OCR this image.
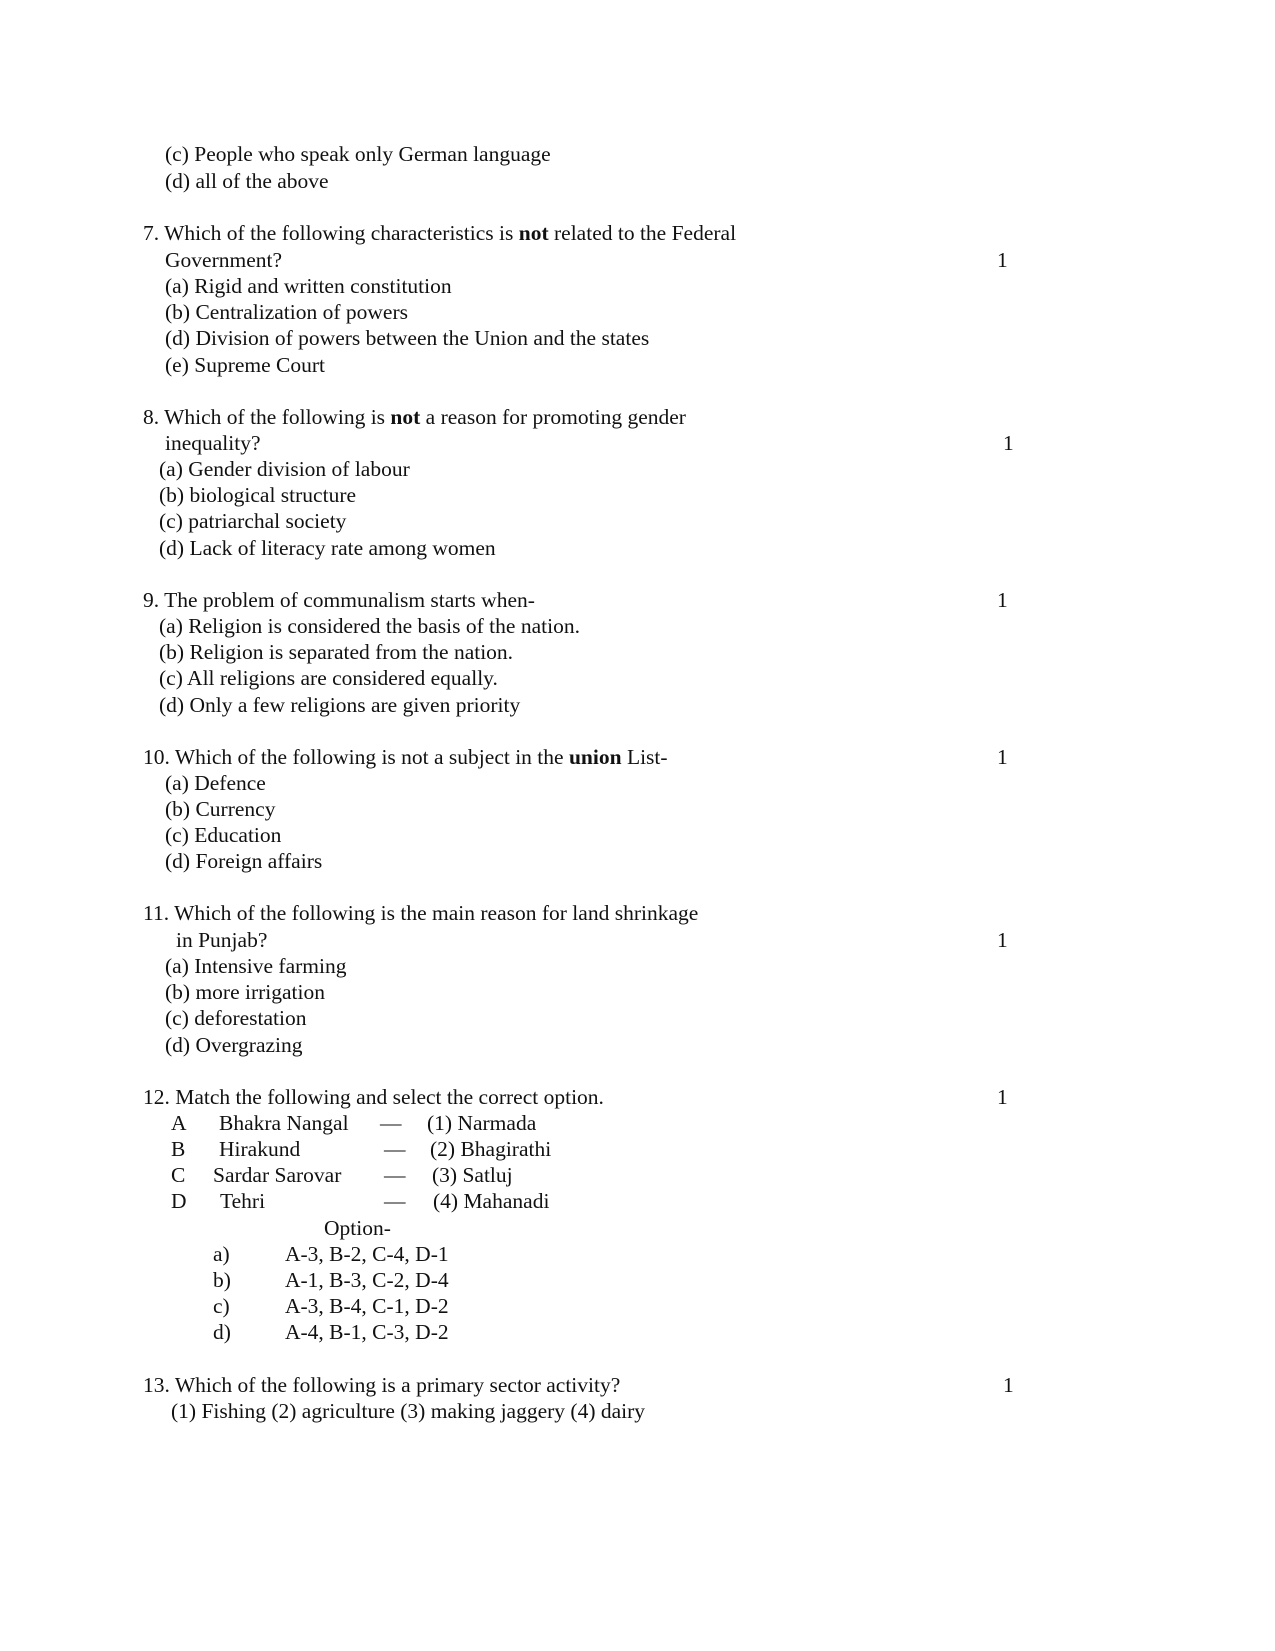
(c) People who speak only German language
(d) all of the above
7. Which of the following characteristics is not related to the Federal
Government?	1
(a) Rigid and written constitution
(b) Centralization of powers
(d) Division of powers between the Union and the states
(e) Supreme Court
8. Which of the following is not a reason for promoting gender
inequality?	1
(a) Gender division of labour
(b) biological structure
(c) patriarchal society
(d) Lack of literacy rate among women
9. The problem of communalism starts when-	1
(a) Religion is considered the basis of the nation.
(b) Religion is separated from the nation.
(c) All religions are considered equally.
(d) Only a few religions are given priority
10. Which of the following is not a subject in the union List-	1
(a) Defence
(b) Currency
(c) Education
(d) Foreign affairs
11. Which of the following is the main reason for land shrinkage
in Punjab?	1
(a) Intensive farming
(b) more irrigation
(c) deforestation
(d) Overgrazing
12. Match the following and select the correct option.	1
A Bhakra Nangal — (1) Narmada
B Hirakund	— (2) Bhagirathi
C Sardar Sarovar — (3) Satluj
D Tehri	— (4) Mahanadi
Option-
a)	A-3, B-2, C-4, D-1
b)	A-1, B-3, C-2, D-4
c)	A-3, B-4, C-1, D-2
d)	A-4, B-1, C-3, D-2
13. Which of the following is a primary sector activity?	1
(1) Fishing (2) agriculture (3) making jaggery (4) dairy
